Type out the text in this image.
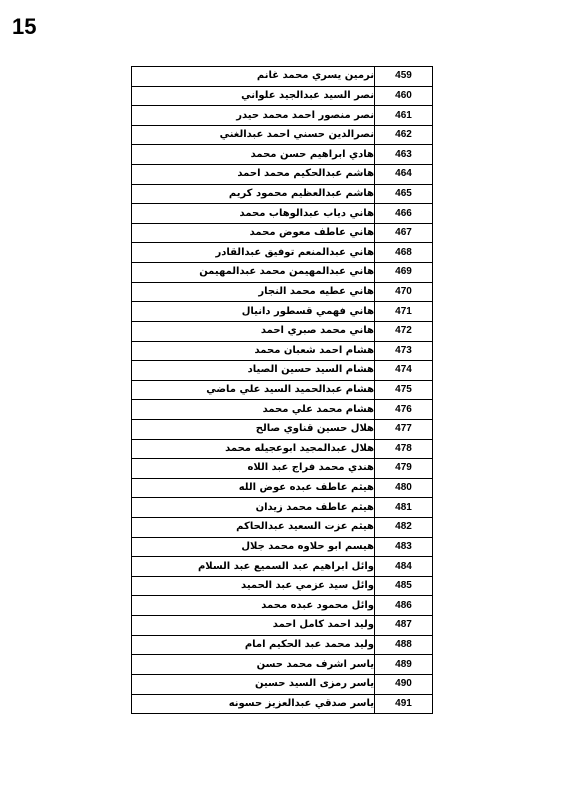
15
459	نرمين يسري محمد غانم
460	نصر السيد عبدالجيد علواني
461	نصر منصور احمد محمد حيدر
462	نصرالدين حسني احمد عبدالغني
463	هادي ابراهيم حسن محمد
464	هاشم عبدالحكيم محمد احمد
465	هاشم عبدالعظيم محمود كريم
466	هاني دياب عبدالوهاب محمد
467	هاني عاطف معوض محمد
468	هاني عبدالمنعم توفيق عبدالقادر
469	هاني عبدالمهيمن محمد عبدالمهيمن
470	هاني عطيه محمد النجار
471	هاني فهمي قسطور دانيال
472	هاني محمد صبري احمد
473	هشام احمد شعبان محمد
474	هشام السيد حسين الصياد
475	هشام عبدالحميد السيد علي ماضي
476	هشام محمد علي محمد
477	هلال حسين قناوي صالح
478	هلال عبدالمجيد ابوعجيله محمد
479	هندي محمد فراج عبد اللاه
480	هيثم عاطف عبده عوض الله
481	هيثم عاطف محمد زيدان
482	هيثم عزت السعيد عبدالحاكم
483	هيسم ابو حلاوه محمد جلال
484	وائل ابراهيم عبد السميع عبد السلام
485	وائل سيد عزمي عبد الحميد
486	وائل محمود عبده محمد
487	وليد احمد كامل احمد
488	وليد محمد عبد الحكيم امام
489	ياسر اشرف محمد حسن
490	ياسر رمزى السيد حسين
491	ياسر صدقي عبدالعزيز حسونه
